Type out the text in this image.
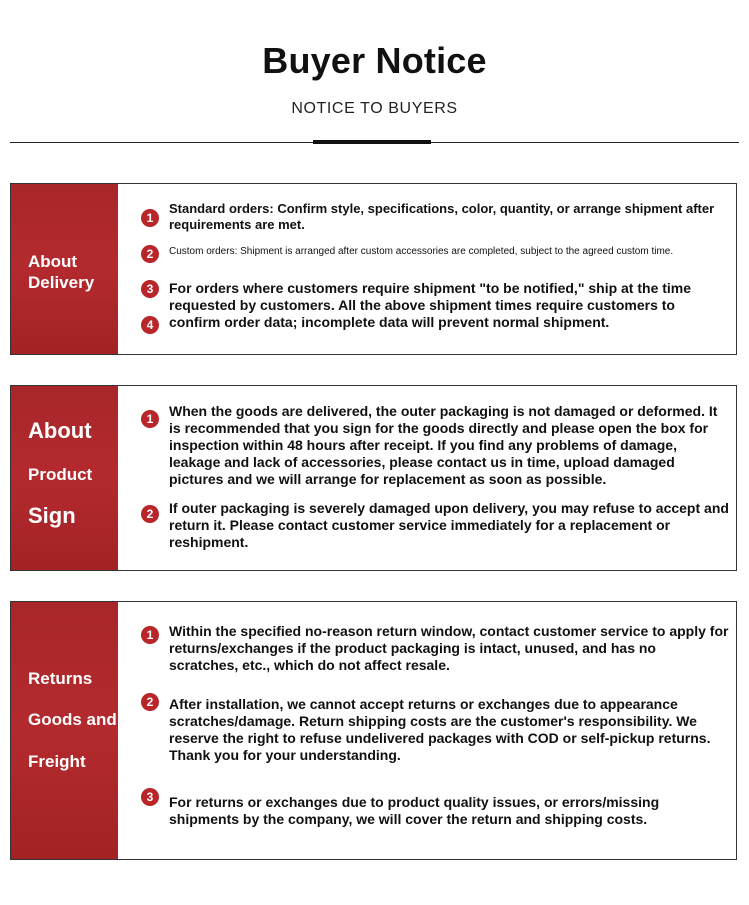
Buyer Notice
NOTICE TO BUYERS
About
Delivery
1
Standard orders: Confirm style, specifications, color, quantity, or arrange shipment after requirements are met.
2	Custom orders: Shipment is arranged after custom accessories are completed, subject to the agreed custom time.
3	For orders where customers require shipment "to be notified," ship at the time requested by customers. All the above shipment times require customers to confirm order data; incomplete data will prevent normal shipment.
4
About
Product
Sign
1	When the goods are delivered, the outer packaging is not damaged or deformed. It is recommended that you sign for the goods directly and please open the box for inspection within 48 hours after receipt. If you find any problems of damage, leakage and lack of accessories, please contact us in time, upload damaged pictures and we will arrange for replacement as soon as possible.
2	If outer packaging is severely damaged upon delivery, you may refuse to accept and return it. Please contact customer service immediately for a replacement or reshipment.
Returns
Goods and
Freight
1	Within the specified no-reason return window, contact customer service to apply for returns/exchanges if the product packaging is intact, unused, and has no scratches, etc., which do not affect resale.
2	After installation, we cannot accept returns or exchanges due to appearance scratches/damage. Return shipping costs are the customer's responsibility. We reserve the right to refuse undelivered packages with COD or self-pickup returns. Thank you for your understanding.
3	For returns or exchanges due to product quality issues, or errors/missing shipments by the company, we will cover the return and shipping costs.
